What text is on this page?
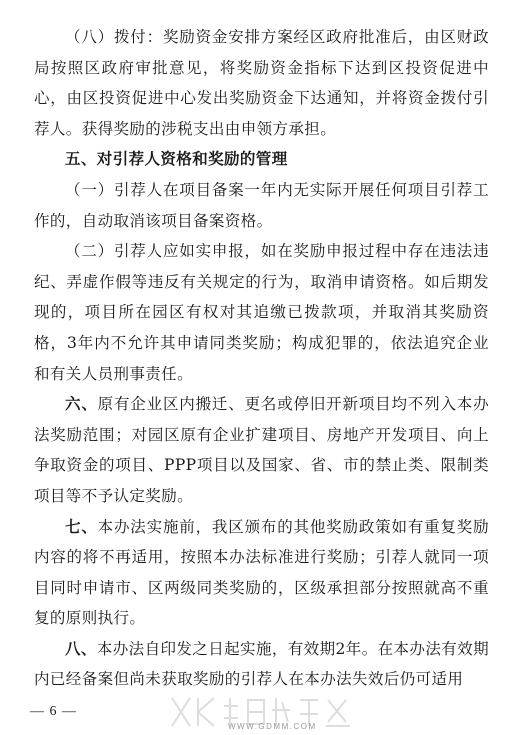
（八）拨付：奖励资金安排方案经区政府批准后，由区财政局按照区政府审批意见，将奖励资金指标下达到区投资促进中心，由区投资促进中心发出奖励资金下达通知，并将资金拨付引荐人。获得奖励的涉税支出由申领方承担。

五、对引荐人资格和奖励的管理

（一）引荐人在项目备案一年内无实际开展任何项目引荐工作的，自动取消该项目备案资格。

（二）引荐人应如实申报，如在奖励申报过程中存在违法违纪、弄虚作假等违反有关规定的行为，取消申请资格。如后期发现的，项目所在园区有权对其追缴已拨款项，并取消其奖励资格，3年内不允许其申请同类奖励；构成犯罪的，依法追究企业和有关人员刑事责任。

六、原有企业区内搬迁、更名或停旧开新项目均不列入本办法奖励范围；对园区原有企业扩建项目、房地产开发项目、向上争取资金的项目、PPP项目以及国家、省、市的禁止类、限制类项目等不予认定奖励。

七、本办法实施前，我区颁布的其他奖励政策如有重复奖励内容的将不再适用，按照本办法标准进行奖励；引荐人就同一项目同时申请市、区两级同类奖励的，区级承担部分按照就高不重复的原则执行。

八、本办法自印发之日起实施，有效期2年。在本办法有效期内已经备案但尚未获取奖励的引荐人在本办法失效后仍可适用

— 6 —
WWW.GDMM.COM
